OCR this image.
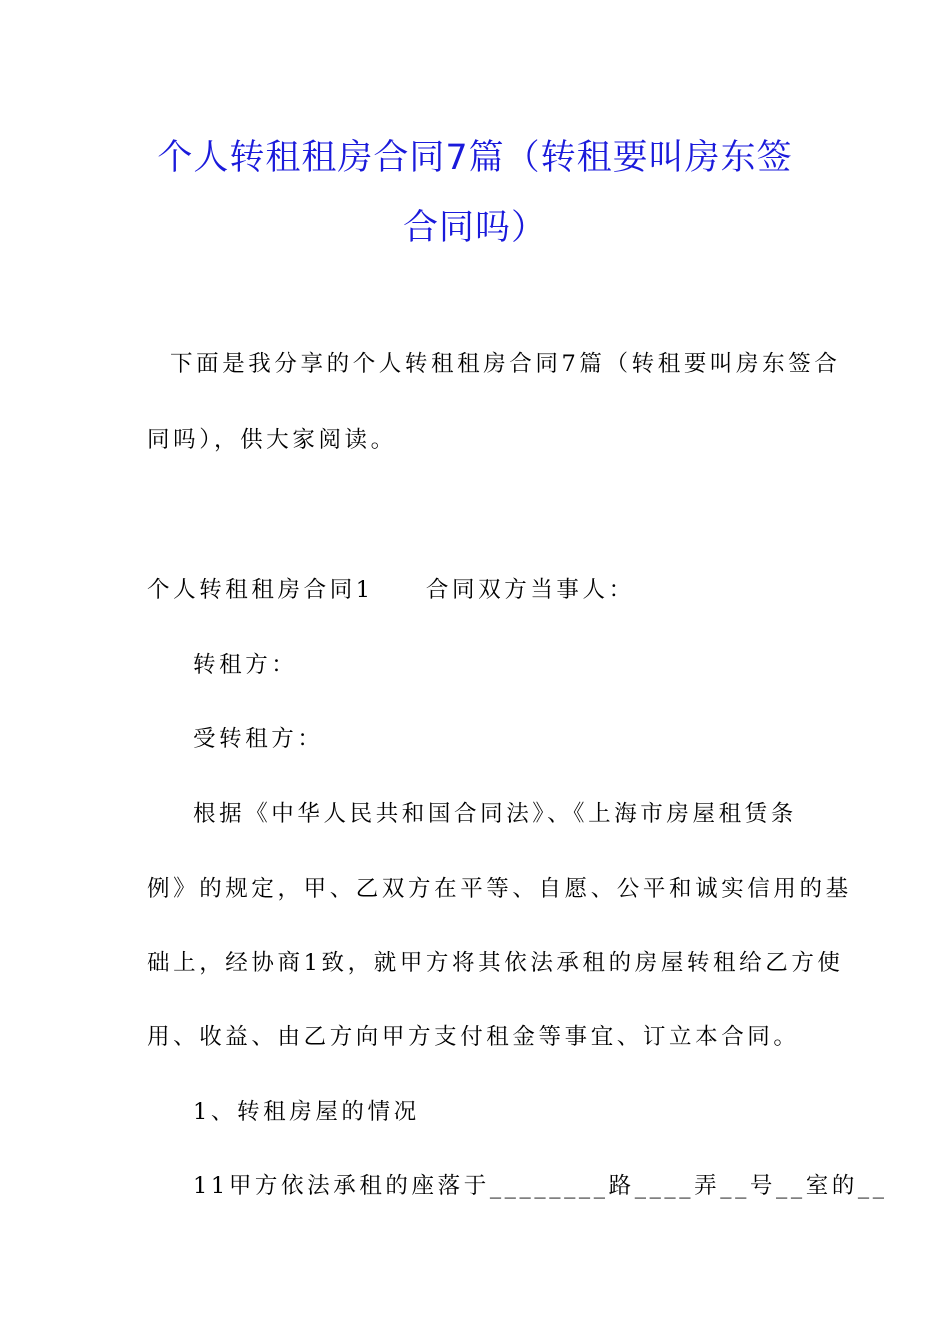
个人转租租房合同7篇（转租要叫房东签
合同吗）
下面是我分享的个人转租租房合同7篇（转租要叫房东签合
同吗），供大家阅读。
个人转租租房合同1　　合同双方当事人：
转租方：
受转租方：
根据《中华人民共和国合同法》、《上海市房屋租赁条
例》的规定，甲、乙双方在平等、自愿、公平和诚实信用的基
础上，经协商1致，就甲方将其依法承租的房屋转租给乙方使
用、收益、由乙方向甲方支付租金等事宜、订立本合同。
1、转租房屋的情况
11甲方依法承租的座落于________路____弄__号__室的__
